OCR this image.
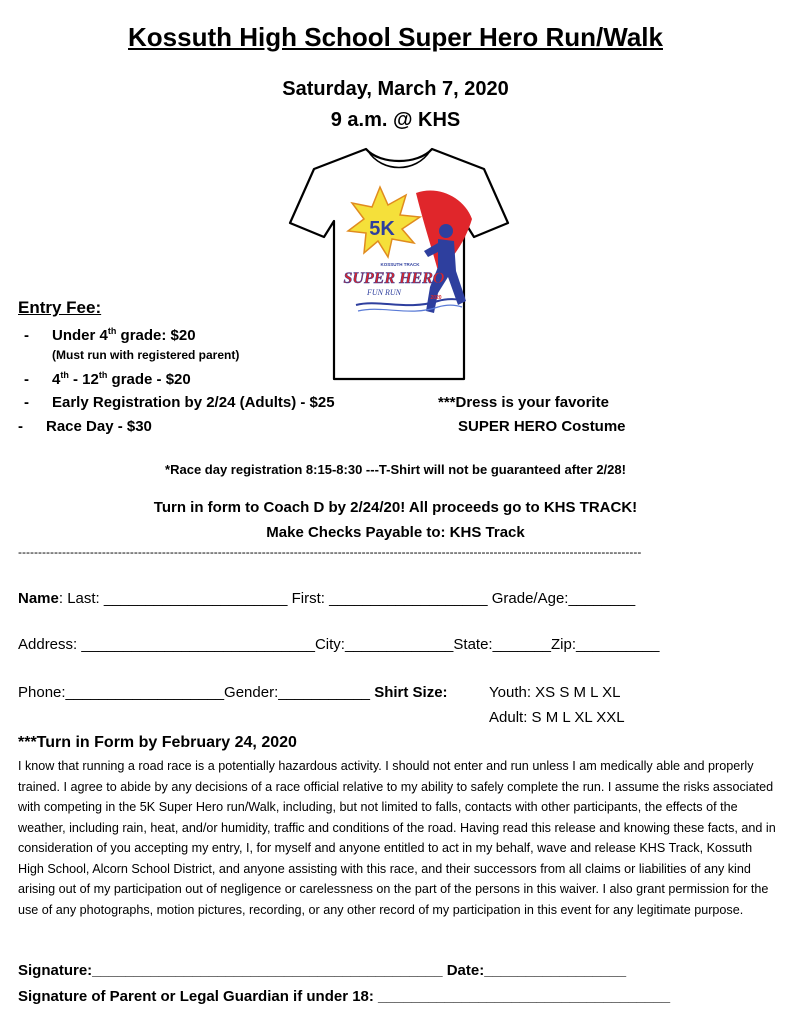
Kossuth High School Super Hero Run/Walk
Saturday, March 7, 2020
9 a.m. @ KHS
5K
KOSSUTH TRACK
SUPER HERO
FUN RUN
2020
Entry Fee:
- Under 4th grade: $20
(Must run with registered parent)
- 4th - 12th grade - $20
- Early Registration by 2/24 (Adults) - $25
- Race Day - $30
***Dress is your favorite
SUPER HERO Costume
*Race day registration 8:15-8:30 ---T-Shirt will not be guaranteed after 2/28!
Turn in form to Coach D by 2/24/20! All proceeds go to KHS TRACK!
Make Checks Payable to: KHS Track
------------------------------------------------------------------------------------------------------------------------------------------------------------
Name: Last: ______________________ First: ___________________ Grade/Age:________
Address: ____________________________City:_____________State:_______Zip:__________
Phone:___________________Gender:___________ Shirt Size:	Youth: XS S M L XL
Adult: S M L XL XXL
***Turn in Form by February 24, 2020
I know that running a road race is a potentially hazardous activity. I should not enter and run unless I am medically able and properly trained. I agree to abide by any decisions of a race official relative to my ability to safely complete the run. I assume the risks associated with competing in the 5K Super Hero run/Walk, including, but not limited to falls, contacts with other participants, the effects of the weather, including rain, heat, and/or humidity, traffic and conditions of the road. Having read this release and knowing these facts, and in consideration of you accepting my entry, I, for myself and anyone entitled to act in my behalf, wave and release KHS Track, Kossuth High School, Alcorn School District, and anyone assisting with this race, and their successors from all claims or liabilities of any kind arising out of my participation out of negligence or carelessness on the part of the persons in this waiver. I also grant permission for the use of any photographs, motion pictures, recording, or any other record of my participation in this event for any legitimate purpose.
Signature:__________________________________________ Date:_________________
Signature of Parent or Legal Guardian if under 18: ___________________________________
